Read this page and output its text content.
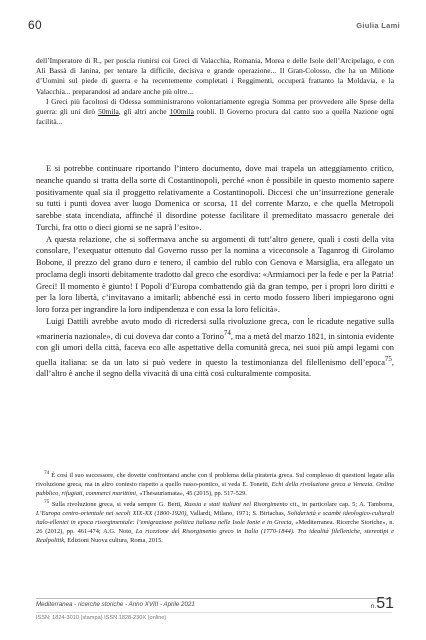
60	Giulia Lami

dell’Imperatore di R., per poscia riunirsi coi Greci di Valacchia, Romania, Morea e delle Isole dell’Arcipelago, e con Alì Bassà di Janina, per tentare la difficile, decisiva e grande operazione... Il Gran-Colosso, che ha un Milione d’Uomini sul piede di guerra e ha recentemente completati i Reggimenti, occuperà frattanto la Moldavia, e la Valacchia... preparandosi ad andare anche più oltre...

I Greci più facoltosi di Odessa somministrarono volontariamente egregia Somma per provvedere alle Spese della guerra: gli uni dirò 50mila, gli altri anche 100mila roubli. Il Governo procura dal canto suo a quella Nazione ogni facilità...

E si potrebbe continuare riportando l’intero documento, dove mai trapela un atteggiamento critico, neanche quando si tratta della sorte di Costantinopoli, perché «non è possibile in questo momento sapere positivamente qual sia il proggetto relativamente a Costantinopoli. Diccesi che un’insurrezione generale su tutti i punti dovea aver luogo Domenica or scorsa, 11 del corrente Marzo, e che quella Metropoli sarebbe stata incendiata, affinché il disordine potesse facilitare il premeditato massacro generale dei Turchi, fra otto o dieci giorni se ne saprà l’esito».

A questa relazione, che si soffermava anche su argomenti di tutt’altro genere, quali i costi della vita consolare, l’exequatur ottenuto dal Governo russo per la nomina a viceconsole a Taganrog di Girolamo Bobone, il prezzo del grano duro e tenero, il cambio del rublo con Genova e Marsiglia, era allegato un proclama degli insorti debitamente tradotto dal greco che esordiva: «Armiamoci per la fede e per la Patria! Greci! Il momento è giunto! I Popoli d’Europa combattendo già da gran tempo, per i propri loro diritti e per la loro libertà, c’invitavano a imitarli; abbenché essi in certo modo fossero liberi impiegarono ogni loro forza per ingrandire la loro indipendenza e con essa la loro felicità».

Luigi Dattili avrebbe avuto modo di ricredersi sulla rivoluzione greca, con le ricadute negative sulla «marineria nazionale», di cui doveva dar conto a Torino$^{74}$, ma a metà del marzo 1821, in sintonia evidente con gli umori della città, faceva eco alle aspettative della comunità greca, nei suoi più ampi legami con quella italiana: se da un lato si può vedere in questo la testimonianza del filellenismo dell’epoca$^{75}$, dall’altro è anche il segno della vivacità di una città così culturalmente composita.

$^{74}$ È così il suo successore, che dovette confrontarsi anche con il problema della pirateria greca. Sul complesso di questioni legate alla rivoluzione greca, ma in altro contesto rispetto a quello russo-pontico, si veda E. Tonetti, Echi della rivoluzione greca a Venezia. Ordine pubblico, rifugiati, commerci marittimi, «Thesaurismata», 45 (2015), pp. 517-529.

$^{75}$ Sulla rivoluzione greca, si veda sempre G. Berti, Russia e stati italiani nel Risorgimento cit., in particolare cap. 5; A. Tamborra, L’Europa centro-orientale nei secoli XIX-XX (1800-1920), Vallardi, Milano, 1971; S. Birtachas, Solidarietà e scambi ideologico-culturali italo-ellenici in epoca risorgimentale: l’emigrazione politica italiana nelle Isole Ionie e in Grecia, «Mediterranea. Ricerche Storiche», n. 26 (2012), pp. 461-474; A.G. Noto, La ricezione del Risorgimento greco in Italia (1770-1844). Tra idealità filelleniche, stereotipi e Realpolitik, Edizioni Nuova cultura, Roma, 2015.

Mediterranea - ricerche storiche - Anno XVIII - Aprile 2021
ISSN: 1824-3010 (stampa) ISSN 1828-230X (online)
n.51
